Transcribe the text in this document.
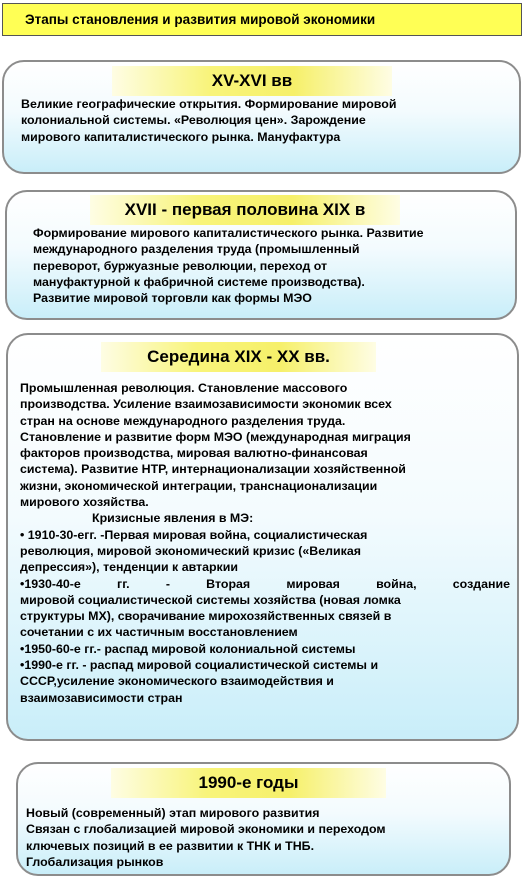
Этапы становления и развития мировой экономики
XV-XVI вв
Великие географические открытия. Формирование мировой
колониальной системы. «Революция цен». Зарождение
мирового капиталистического рынка. Мануфактура
XVII - первая половина XIX в
Формирование мирового капиталистического рынка. Развитие
международного разделения труда (промышленный
переворот, буржуазные революции, переход от
мануфактурной к фабричной системе производства).
Развитие мировой торговли как формы МЭО
Середина XIX - XX вв.
Промышленная революция. Становление массового
производства. Усиление взаимозависимости экономик всех
стран на основе международного разделения труда.
Становление и развитие форм МЭО (международная миграция
факторов производства, мировая валютно-финансовая
система). Развитие НТР, интернационализации хозяйственной
жизни, экономической интеграции, транснационализации
мирового хозяйства.
Кризисные явления в МЭ:
• 1910-30-егг. -Первая мировая война, социалистическая
революция, мировой экономический кризис («Великая
депрессия»), тенденции к автаркии
•1930-40-е гг. - Вторая мировая война, создание
мировой социалистической системы хозяйства (новая ломка
структуры МХ), сворачивание мирохозяйственных связей в
сочетании с их частичным восстановлением
•1950-60-е гг.- распад мировой колониальной системы
•1990-е гг. - распад мировой социалистической системы и
СССР,усиление экономического взаимодействия и
взаимозависимости стран
1990-е годы
Новый (современный) этап мирового развития
Связан с глобализацией мировой экономики и переходом
ключевых позиций в ее развитии к ТНК и ТНБ.
Глобализация рынков
